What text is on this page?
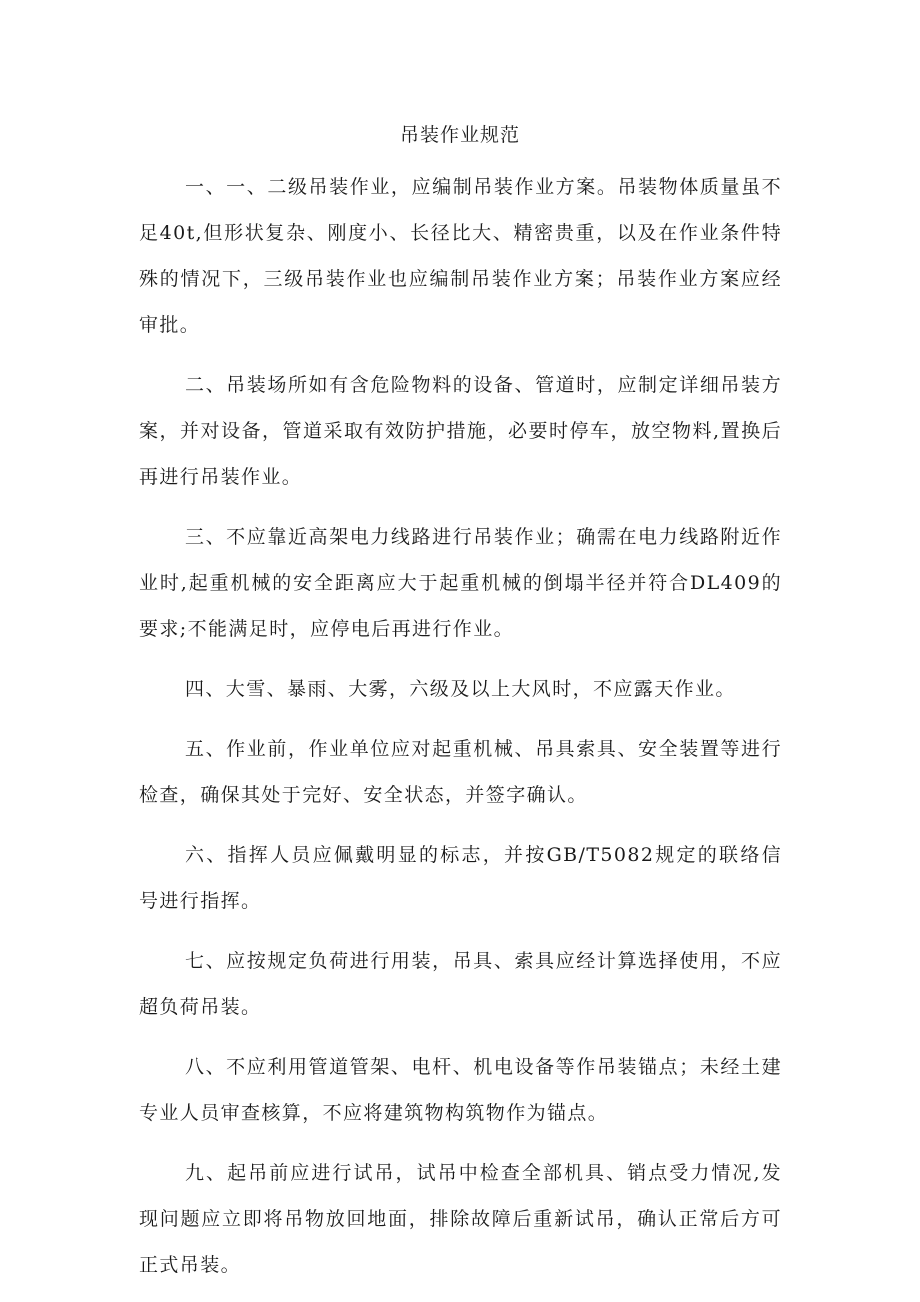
吊装作业规范

一、一、二级吊装作业，应编制吊装作业方案。吊装物体质量虽不足40t,但形状复杂、刚度小、长径比大、精密贵重，以及在作业条件特殊的情况下，三级吊装作业也应编制吊装作业方案；吊装作业方案应经审批。

二、吊装场所如有含危险物料的设备、管道时，应制定详细吊装方案，并对设备，管道采取有效防护措施，必要时停车，放空物料,置换后再进行吊装作业。

三、不应靠近高架电力线路进行吊装作业；确需在电力线路附近作业时,起重机械的安全距离应大于起重机械的倒塌半径并符合DL409的要求;不能满足时，应停电后再进行作业。

四、大雪、暴雨、大雾，六级及以上大风时，不应露天作业。

五、作业前，作业单位应对起重机械、吊具索具、安全装置等进行检查，确保其处于完好、安全状态，并签字确认。

六、指挥人员应佩戴明显的标志，并按GB/T5082规定的联络信号进行指挥。

七、应按规定负荷进行用装，吊具、索具应经计算选择使用，不应超负荷吊装。

八、不应利用管道管架、电杆、机电设备等作吊装锚点；未经土建专业人员审查核算，不应将建筑物构筑物作为锚点。

九、起吊前应进行试吊，试吊中检查全部机具、销点受力情况,发现问题应立即将吊物放回地面，排除故障后重新试吊，确认正常后方可正式吊装。
